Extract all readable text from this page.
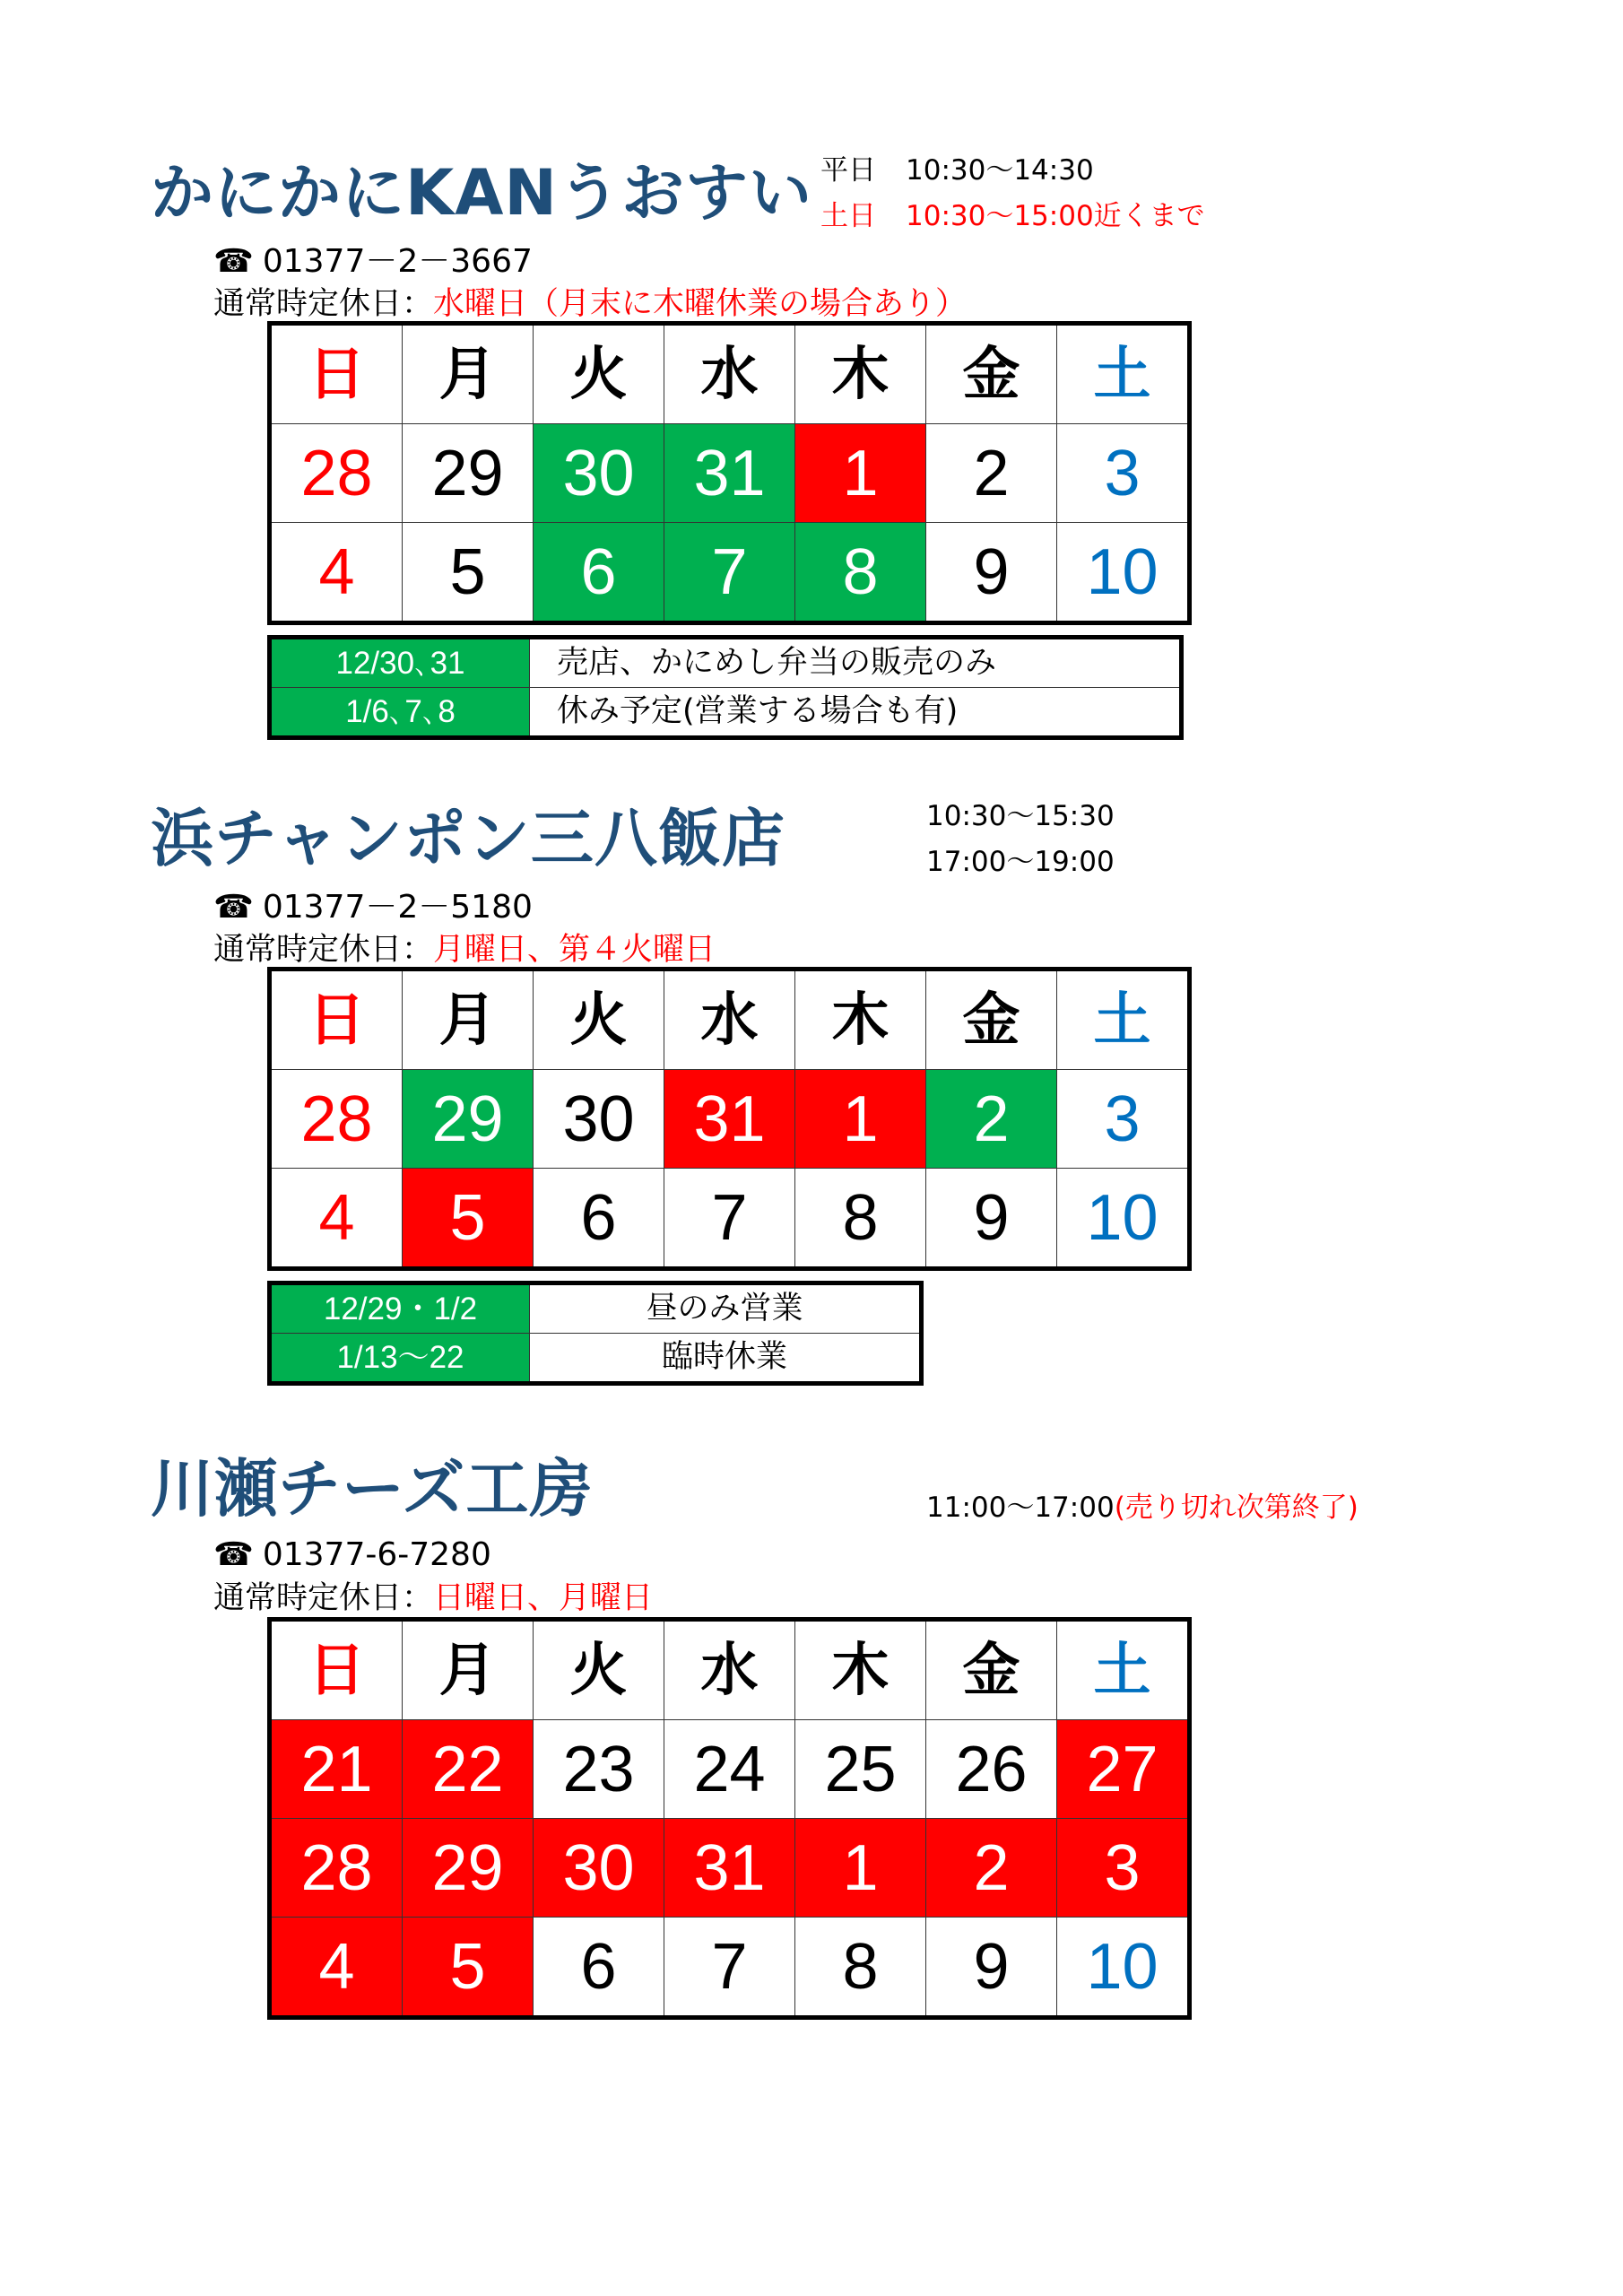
かにかにKANうおすい 平日 10:30～14:30
土日 10:30～15:00近くまで
☎ 01377－2－3667
通常時定休日：水曜日（月末に木曜休業の場合あり）
日	月	火	水	木	金	土
28	29	30	31	1	2	3
4	5	6	7	8	9	10
12/30､31	売店、かにめし弁当の販売のみ
1/6､7､8	休み予定(営業する場合も有)
浜チャンポン三八飯店	10:30～15:30
17:00～19:00
☎ 01377－2－5180
通常時定休日：月曜日、第４火曜日
日	月	火	水	木	金	土
28	29	30	31	1	2	3
4	5	6	7	8	9	10
12/29・1/2	昼のみ営業
1/13～22	臨時休業
川瀬チーズ工房	11:00～17:00(売り切れ次第終了)
☎ 01377-6-7280
通常時定休日：日曜日、月曜日
日	月	火	水	木	金	土
21	22	23	24	25	26	27
28	29	30	31	1	2	3
4	5	6	7	8	9	10
